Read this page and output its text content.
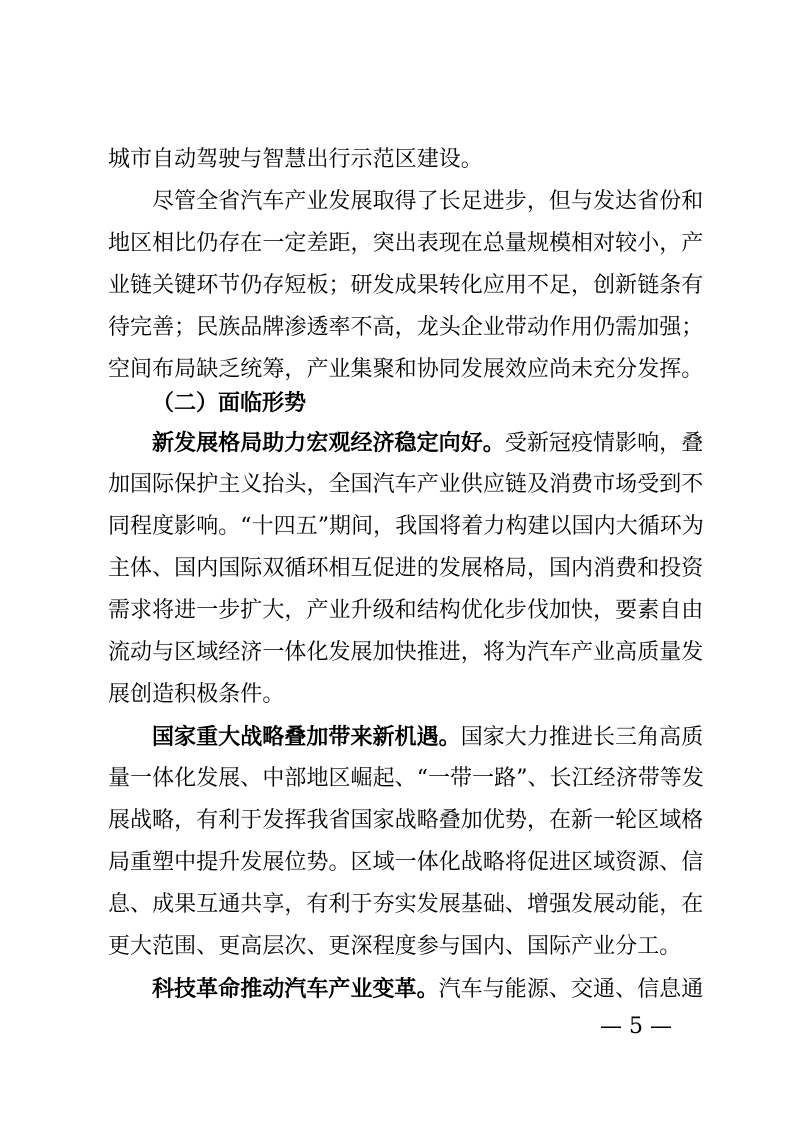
城市自动驾驶与智慧出行示范区建设。
尽管全省汽车产业发展取得了长足进步，但与发达省份和
地区相比仍存在一定差距，突出表现在总量规模相对较小，产
业链关键环节仍存短板；研发成果转化应用不足，创新链条有
待完善；民族品牌渗透率不高，龙头企业带动作用仍需加强；
空间布局缺乏统筹，产业集聚和协同发展效应尚未充分发挥。
（二）面临形势
新发展格局助力宏观经济稳定向好。受新冠疫情影响，叠
加国际保护主义抬头，全国汽车产业供应链及消费市场受到不
同程度影响。“十四五”期间，我国将着力构建以国内大循环为
主体、国内国际双循环相互促进的发展格局，国内消费和投资
需求将进一步扩大，产业升级和结构优化步伐加快，要素自由
流动与区域经济一体化发展加快推进，将为汽车产业高质量发
展创造积极条件。
国家重大战略叠加带来新机遇。国家大力推进长三角高质
量一体化发展、中部地区崛起、“一带一路”、长江经济带等发
展战略，有利于发挥我省国家战略叠加优势，在新一轮区域格
局重塑中提升发展位势。区域一体化战略将促进区域资源、信
息、成果互通共享，有利于夯实发展基础、增强发展动能，在
更大范围、更高层次、更深程度参与国内、国际产业分工。
科技革命推动汽车产业变革。汽车与能源、交通、信息通
— 5 —
